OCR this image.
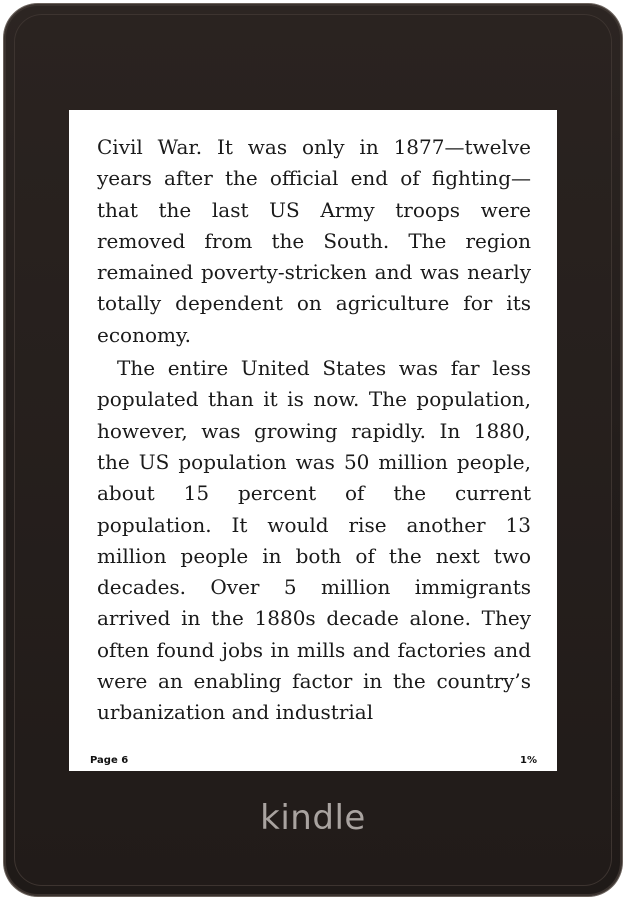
Civil War. It was only in 1877—twelve years after the official end of fighting—that the last US Army troops were removed from the South. The region remained poverty-stricken and was nearly totally dependent on agriculture for its economy.

The entire United States was far less populated than it is now. The population, however, was growing rapidly. In 1880, the US population was 50 million people, about 15 percent of the current population. It would rise another 13 million people in both of the next two decades. Over 5 million immigrants arrived in the 1880s decade alone. They often found jobs in mills and factories and were an enabling factor in the country’s urbanization and industrial

Page 6	1%
kindle
